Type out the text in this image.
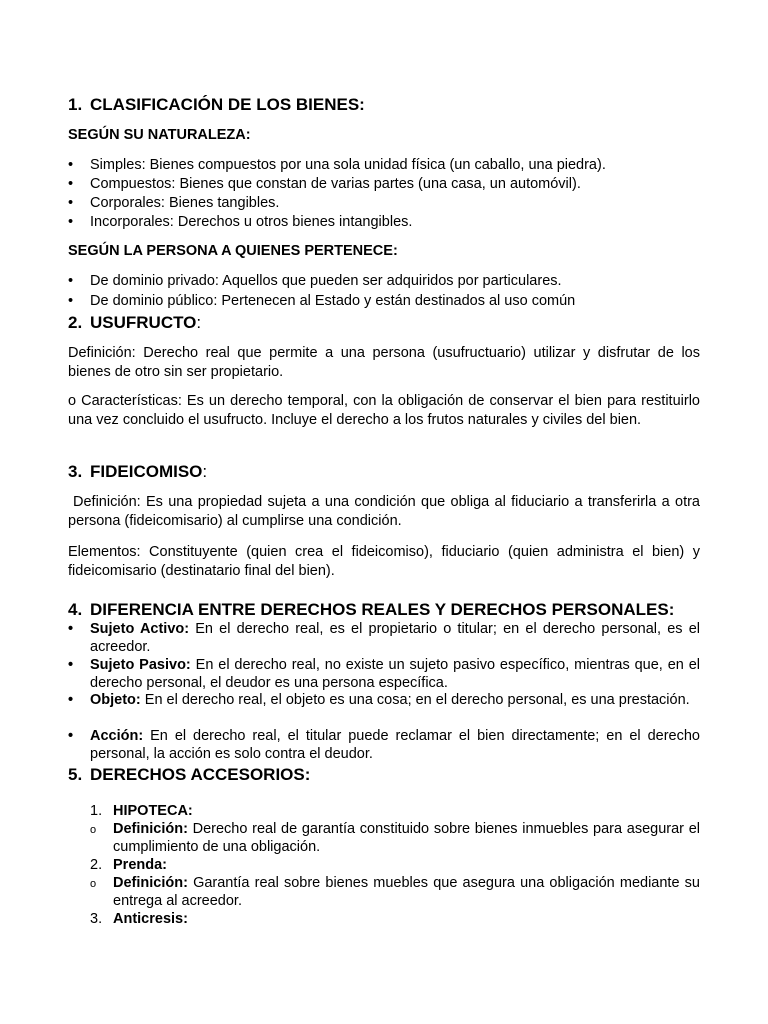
1. CLASIFICACIÓN DE LOS BIENES:
SEGÚN SU NATURALEZA:
• Simples: Bienes compuestos por una sola unidad física (un caballo, una piedra).
• Compuestos: Bienes que constan de varias partes (una casa, un automóvil).
• Corporales: Bienes tangibles.
• Incorporales: Derechos u otros bienes intangibles.
SEGÚN LA PERSONA A QUIENES PERTENECE:
• De dominio privado: Aquellos que pueden ser adquiridos por particulares.
• De dominio público: Pertenecen al Estado y están destinados al uso común
2. USUFRUCTO:
Definición: Derecho real que permite a una persona (usufructuario) utilizar y disfrutar de los bienes de otro sin ser propietario.
o Características: Es un derecho temporal, con la obligación de conservar el bien para restituirlo una vez concluido el usufructo. Incluye el derecho a los frutos naturales y civiles del bien.
3. FIDEICOMISO:
Definición: Es una propiedad sujeta a una condición que obliga al fiduciario a transferirla a otra persona (fideicomisario) al cumplirse una condición.
Elementos: Constituyente (quien crea el fideicomiso), fiduciario (quien administra el bien) y fideicomisario (destinatario final del bien).
4. DIFERENCIA ENTRE DERECHOS REALES Y DERECHOS PERSONALES:
• Sujeto Activo: En el derecho real, es el propietario o titular; en el derecho personal, es el acreedor.
• Sujeto Pasivo: En el derecho real, no existe un sujeto pasivo específico, mientras que, en el derecho personal, el deudor es una persona específica.
• Objeto: En el derecho real, el objeto es una cosa; en el derecho personal, es una prestación.
• Acción: En el derecho real, el titular puede reclamar el bien directamente; en el derecho personal, la acción es solo contra el deudor.
5. DERECHOS ACCESORIOS:
1. HIPOTECA:
o Definición: Derecho real de garantía constituido sobre bienes inmuebles para asegurar el cumplimiento de una obligación.
2. Prenda:
o Definición: Garantía real sobre bienes muebles que asegura una obligación mediante su entrega al acreedor.
3. Anticresis:
